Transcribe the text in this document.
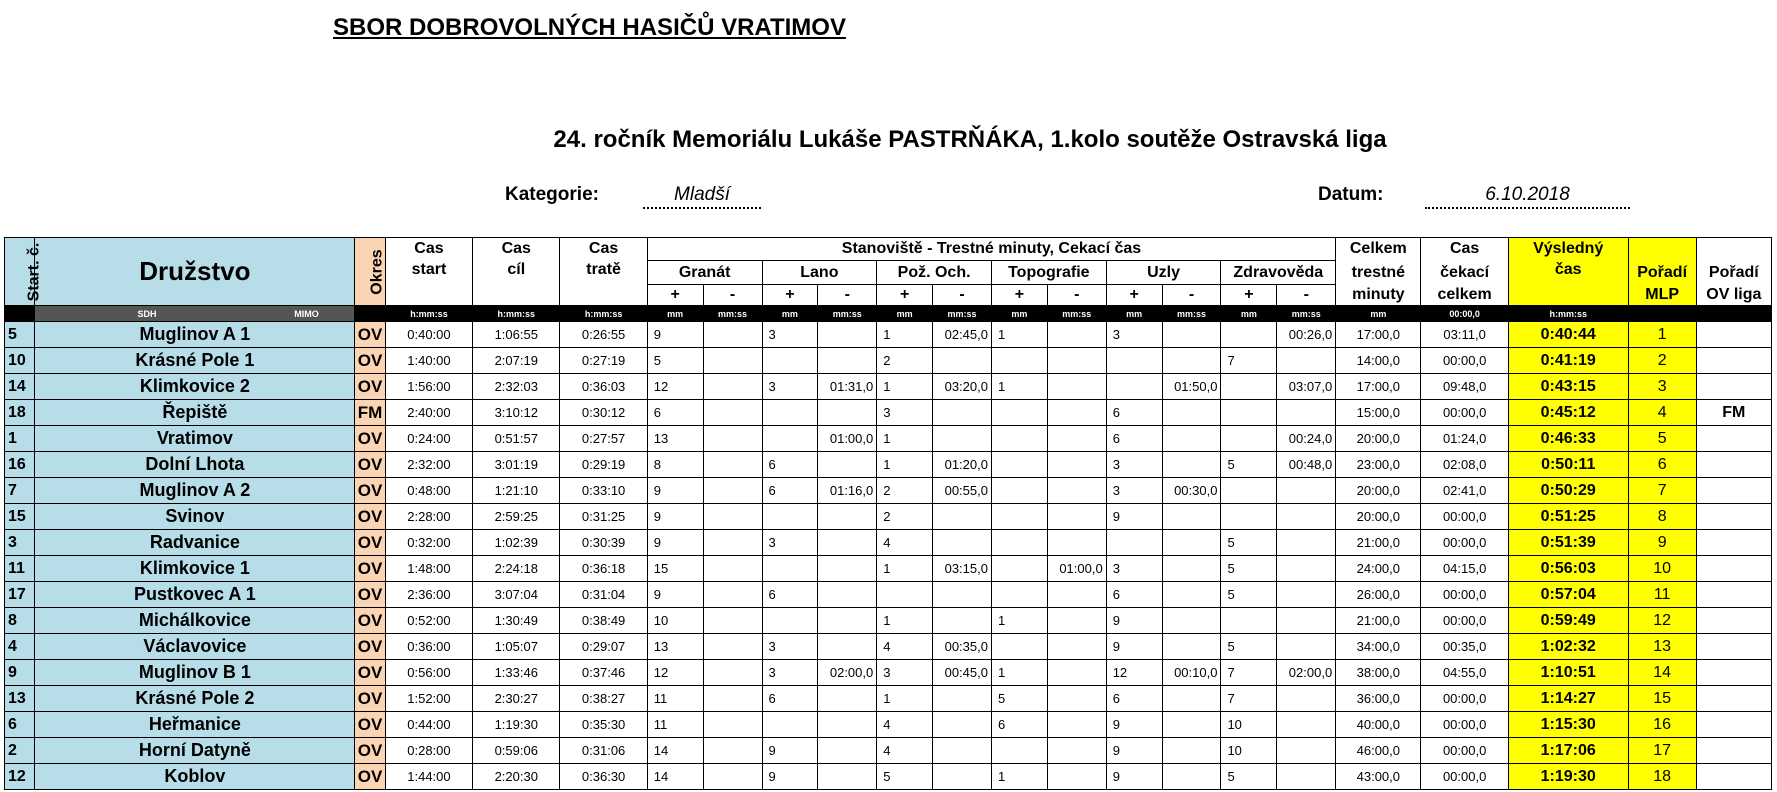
SBOR DOBROVOLNÝCH HASIČŮ VRATIMOV
24. ročník Memoriálu Lukáše PASTRŇÁKA, 1.kolo soutěže Ostravská liga
Kategorie:	Mladší	Datum:	6.10.2018
Start. č.	Družstvo	Okres	Cas	Cas	Cas	Stanoviště - Trestné minuty, Cekací čas												Celkem	Cas	Výsledný		
			start	cíl	tratě	Granát		Lano		Pož. Och.		Topografie		Uzly		Zdravověda		trestné	čekací	čas	Pořadí	Pořadí
						+	-	+	-	+	-	+	-	+	-	+	-	minuty	celkem		MLP	OV liga
	SDH MIMO		h:mm:ss	h:mm:ss	h:mm:ss	mm	mm:ss	mm	mm:ss	mm	mm:ss	mm	mm:ss	mm	mm:ss	mm	mm:ss	mm	00:00,0	h:mm:ss		
5	Muglinov A 1	OV	0:40:00	1:06:55	0:26:55	9		3		1	02:45,0	1		3			00:26,0	17:00,0	03:11,0	0:40:44	1	
10	Krásné Pole 1	OV	1:40:00	2:07:19	0:27:19	5				2						7		14:00,0	00:00,0	0:41:19	2	
14	Klimkovice 2	OV	1:56:00	2:32:03	0:36:03	12		3	01:31,0	1	03:20,0	1			01:50,0		03:07,0	17:00,0	09:48,0	0:43:15	3	
18	Řepiště	FM	2:40:00	3:10:12	0:30:12	6				3				6				15:00,0	00:00,0	0:45:12	4	FM
1	Vratimov	OV	0:24:00	0:51:57	0:27:57	13			01:00,0	1				6			00:24,0	20:00,0	01:24,0	0:46:33	5	
16	Dolní Lhota	OV	2:32:00	3:01:19	0:29:19	8		6		1	01:20,0			3		5	00:48,0	23:00,0	02:08,0	0:50:11	6	
7	Muglinov A 2	OV	0:48:00	1:21:10	0:33:10	9		6	01:16,0	2	00:55,0			3	00:30,0			20:00,0	02:41,0	0:50:29	7	
15	Svinov	OV	2:28:00	2:59:25	0:31:25	9				2				9				20:00,0	00:00,0	0:51:25	8	
3	Radvanice	OV	0:32:00	1:02:39	0:30:39	9		3		4						5		21:00,0	00:00,0	0:51:39	9	
11	Klimkovice 1	OV	1:48:00	2:24:18	0:36:18	15				1	03:15,0		01:00,0	3		5		24:00,0	04:15,0	0:56:03	10	
17	Pustkovec A 1	OV	2:36:00	3:07:04	0:31:04	9		6						6		5		26:00,0	00:00,0	0:57:04	11	
8	Michálkovice	OV	0:52:00	1:30:49	0:38:49	10				1		1		9				21:00,0	00:00,0	0:59:49	12	
4	Václavovice	OV	0:36:00	1:05:07	0:29:07	13		3		4	00:35,0			9		5		34:00,0	00:35,0	1:02:32	13	
9	Muglinov B 1	OV	0:56:00	1:33:46	0:37:46	12		3	02:00,0	3	00:45,0	1		12	00:10,0	7	02:00,0	38:00,0	04:55,0	1:10:51	14	
13	Krásné Pole 2	OV	1:52:00	2:30:27	0:38:27	11		6		1		5		6		7		36:00,0	00:00,0	1:14:27	15	
6	Heřmanice	OV	0:44:00	1:19:30	0:35:30	11				4		6		9		10		40:00,0	00:00,0	1:15:30	16	
2	Horní Datyně	OV	0:28:00	0:59:06	0:31:06	14		9		4				9		10		46:00,0	00:00,0	1:17:06	17	
12	Koblov	OV	1:44:00	2:20:30	0:36:30	14		9		5		1		9		5		43:00,0	00:00,0	1:19:30	18	
